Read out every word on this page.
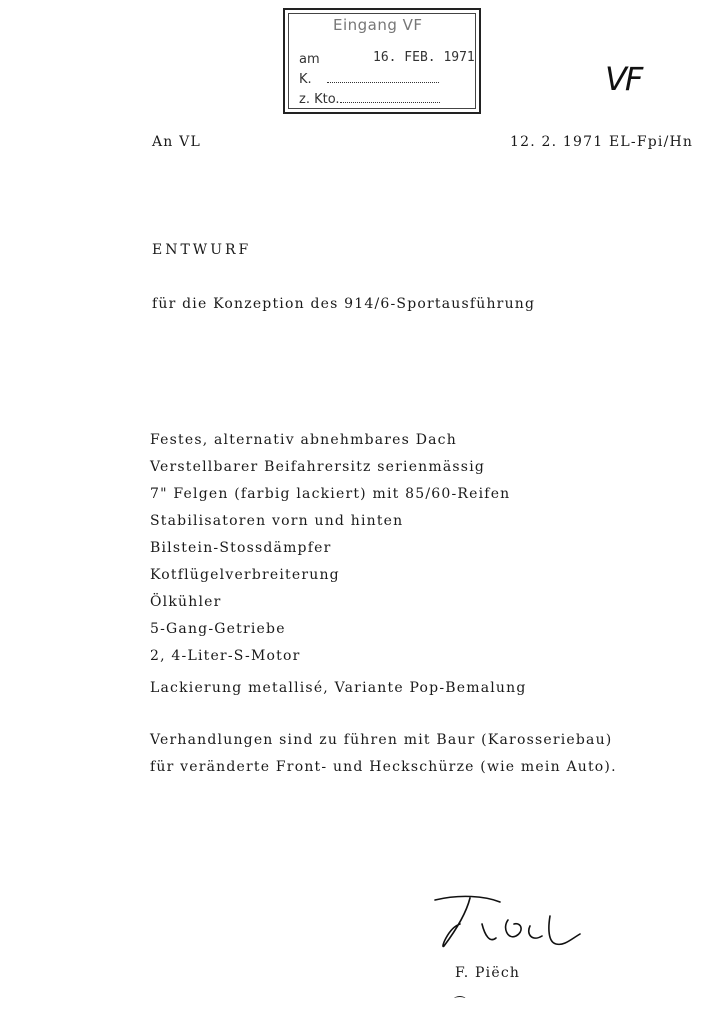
Eingang VF
am	16. FEB. 1971
K.
z. Kto.
VF
An VL	12. 2. 1971 EL-Fpi/Hn
ENTWURF
für die Konzeption des 914/6-Sportausführung
Festes, alternativ abnehmbares Dach
Verstellbarer Beifahrersitz serienmässig
7" Felgen (farbig lackiert) mit 85/60-Reifen
Stabilisatoren vorn und hinten
Bilstein-Stossdämpfer
Kotflügelverbreiterung
Ölkühler
5-Gang-Getriebe
2, 4-Liter-S-Motor
Lackierung metallisé, Variante Pop-Bemalung
Verhandlungen sind zu führen mit Baur (Karosseriebau)
für veränderte Front- und Heckschürze (wie mein Auto).
F. Piëch
⁀
